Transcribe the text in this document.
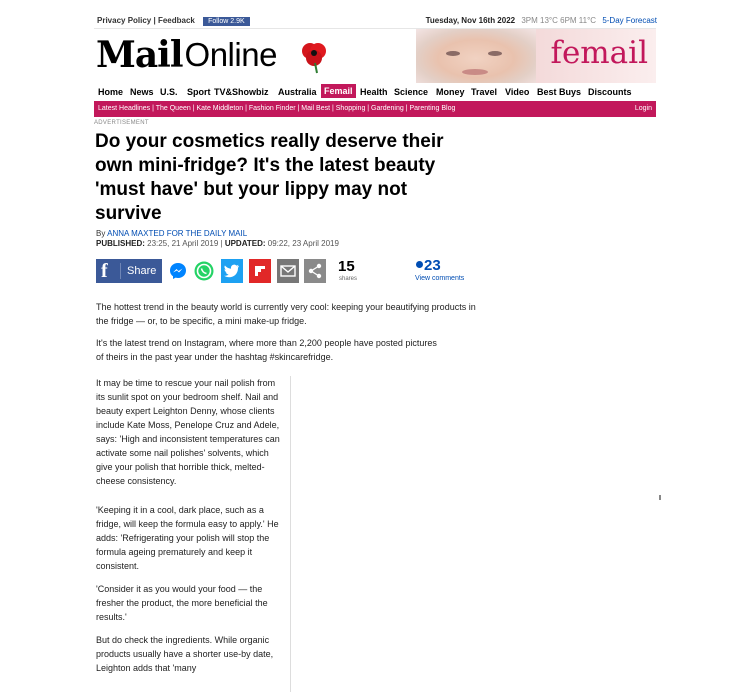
Privacy Policy | Feedback Follow 2.9K	Tuesday, Nov 16th 2022 3PM 13°C 6PM 11°C 5-Day Forecast
Mail Online	femail
Home News U.S. Sport TV&Showbiz Australia Femail Health Science Money Travel Video Best Buys Discounts
Latest Headlines | The Queen | Kate Middleton | Fashion Finder | Mail Best | Shopping | Gardening | Parenting Blog	Login
ADVERTISEMENT
Do your cosmetics really deserve their own mini-fridge? It's the latest beauty 'must have' but your lippy may not survive
By ANNA MAXTED FOR THE DAILY MAIL
PUBLISHED: 23:25, 21 April 2019 | UPDATED: 09:22, 23 April 2019
f Share	15
shares
23
View comments

The hottest trend in the beauty world is currently very cool: keeping your beautifying products in the fridge — or, to be specific, a mini make-up fridge.

It's the latest trend on Instagram, where more than 2,200 people have posted pictures of theirs in the past year under the hashtag #skincarefridge.

It may be time to rescue your nail polish from its sunlit spot on your bedroom shelf. Nail and beauty expert Leighton Denny, whose clients include Kate Moss, Penelope Cruz and Adele, says: 'High and inconsistent temperatures can activate some nail polishes' solvents, which give your polish that horrible thick, melted-cheese consistency.

'Keeping it in a cool, dark place, such as a fridge, will keep the formula easy to apply.' He adds: 'Refrigerating your polish will stop the formula ageing prematurely and keep it consistent.

'Consider it as you would your food — the fresher the product, the more beneficial the results.'

But do check the ingredients. While organic products usually have a shorter use-by date, Leighton adds that 'many
